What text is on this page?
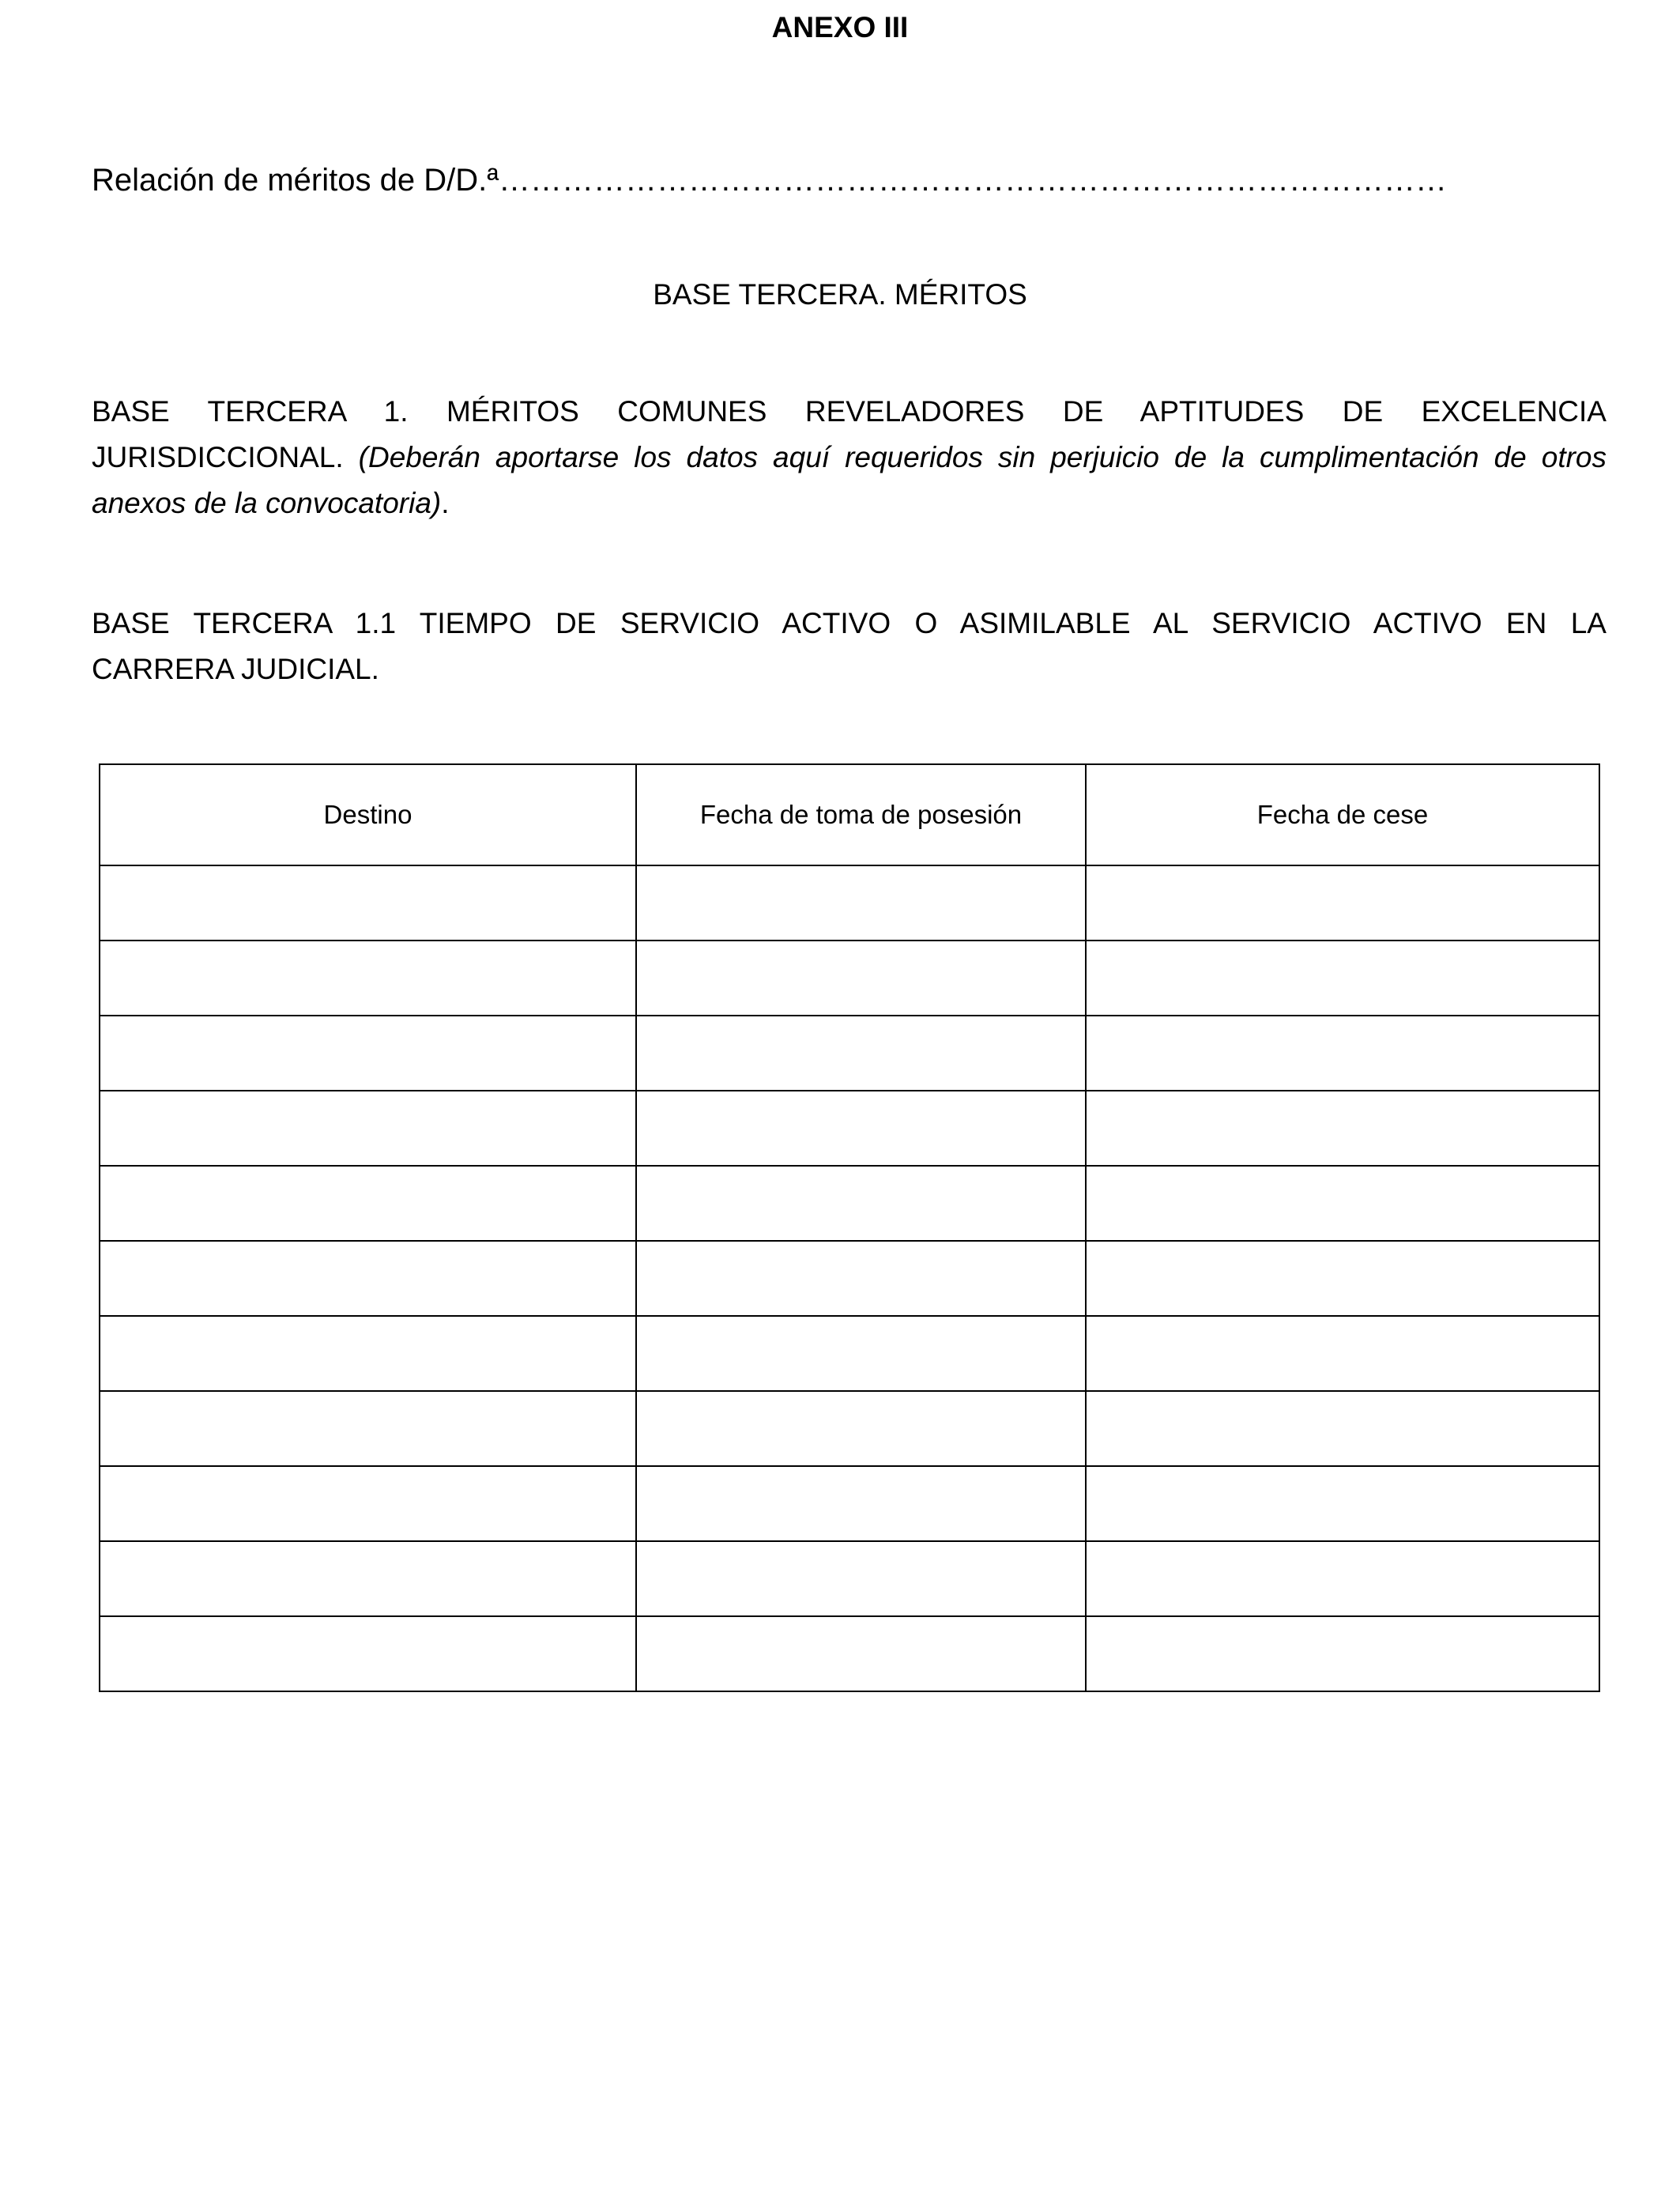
ANEXO III
Relación de méritos de D/D.ª………………………………………………………………………………
BASE TERCERA. MÉRITOS
BASE TERCERA 1. MÉRITOS COMUNES REVELADORES DE APTITUDES DE EXCELENCIA
JURISDICCIONAL. (Deberán aportarse los datos aquí requeridos sin perjuicio de la cumplimentación de otros
anexos de la convocatoria).
BASE TERCERA 1.1 TIEMPO DE SERVICIO ACTIVO O ASIMILABLE AL SERVICIO ACTIVO EN LA
CARRERA JUDICIAL.
Destino	Fecha de toma de posesión	Fecha de cese
